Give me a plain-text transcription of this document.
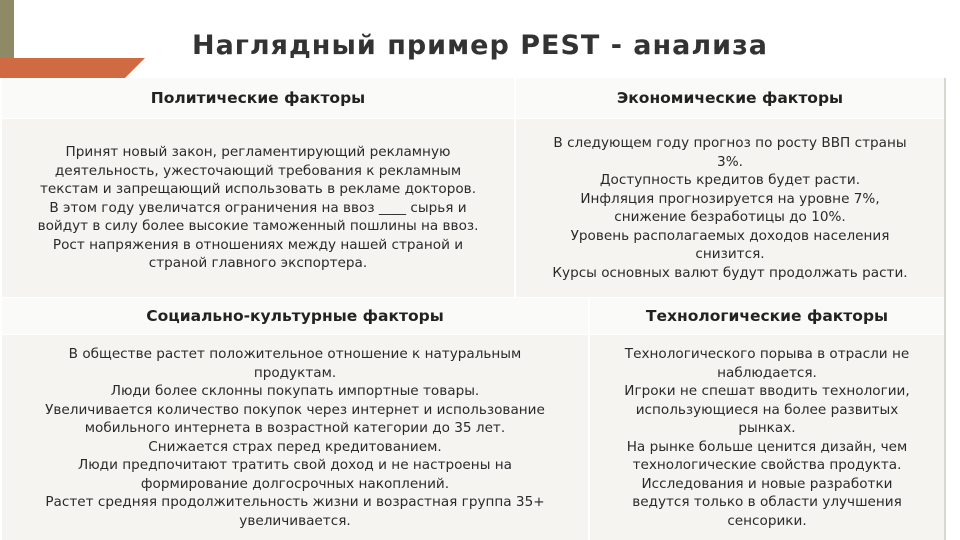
Наглядный пример PEST - анализа
Политические факторы
Принят новый закон, регламентирующий рекламную
деятельность, ужесточающий требования к рекламным
текстам и запрещающий использовать в рекламе докторов.
В этом году увеличатся ограничения на ввоз ____ сырья и
войдут в силу более высокие таможенный пошлины на ввоз.
Рост напряжения в отношениях между нашей страной и
страной главного экспортера.
Экономические факторы
В следующем году прогноз по росту ВВП страны
3%.
Доступность кредитов будет расти.
Инфляция прогнозируется на уровне 7%,
снижение безработицы до 10%.
Уровень располагаемых доходов населения
снизится.
Курсы основных валют будут продолжать расти.
Социально-культурные факторы
В обществе растет положительное отношение к натуральным
продуктам.
Люди более склонны покупать импортные товары.
Увеличивается количество покупок через интернет и использование
мобильного интернета в возрастной категории до 35 лет.
Снижается страх перед кредитованием.
Люди предпочитают тратить свой доход и не настроены на
формирование долгосрочных накоплений.
Растет средняя продолжительность жизни и возрастная группа 35+
увеличивается.
Технологические факторы
Технологического порыва в отрасли не
наблюдается.
Игроки не спешат вводить технологии,
использующиеся на более развитых
рынках.
На рынке больше ценится дизайн, чем
технологические свойства продукта.
Исследования и новые разработки
ведутся только в области улучшения
сенсорики.
